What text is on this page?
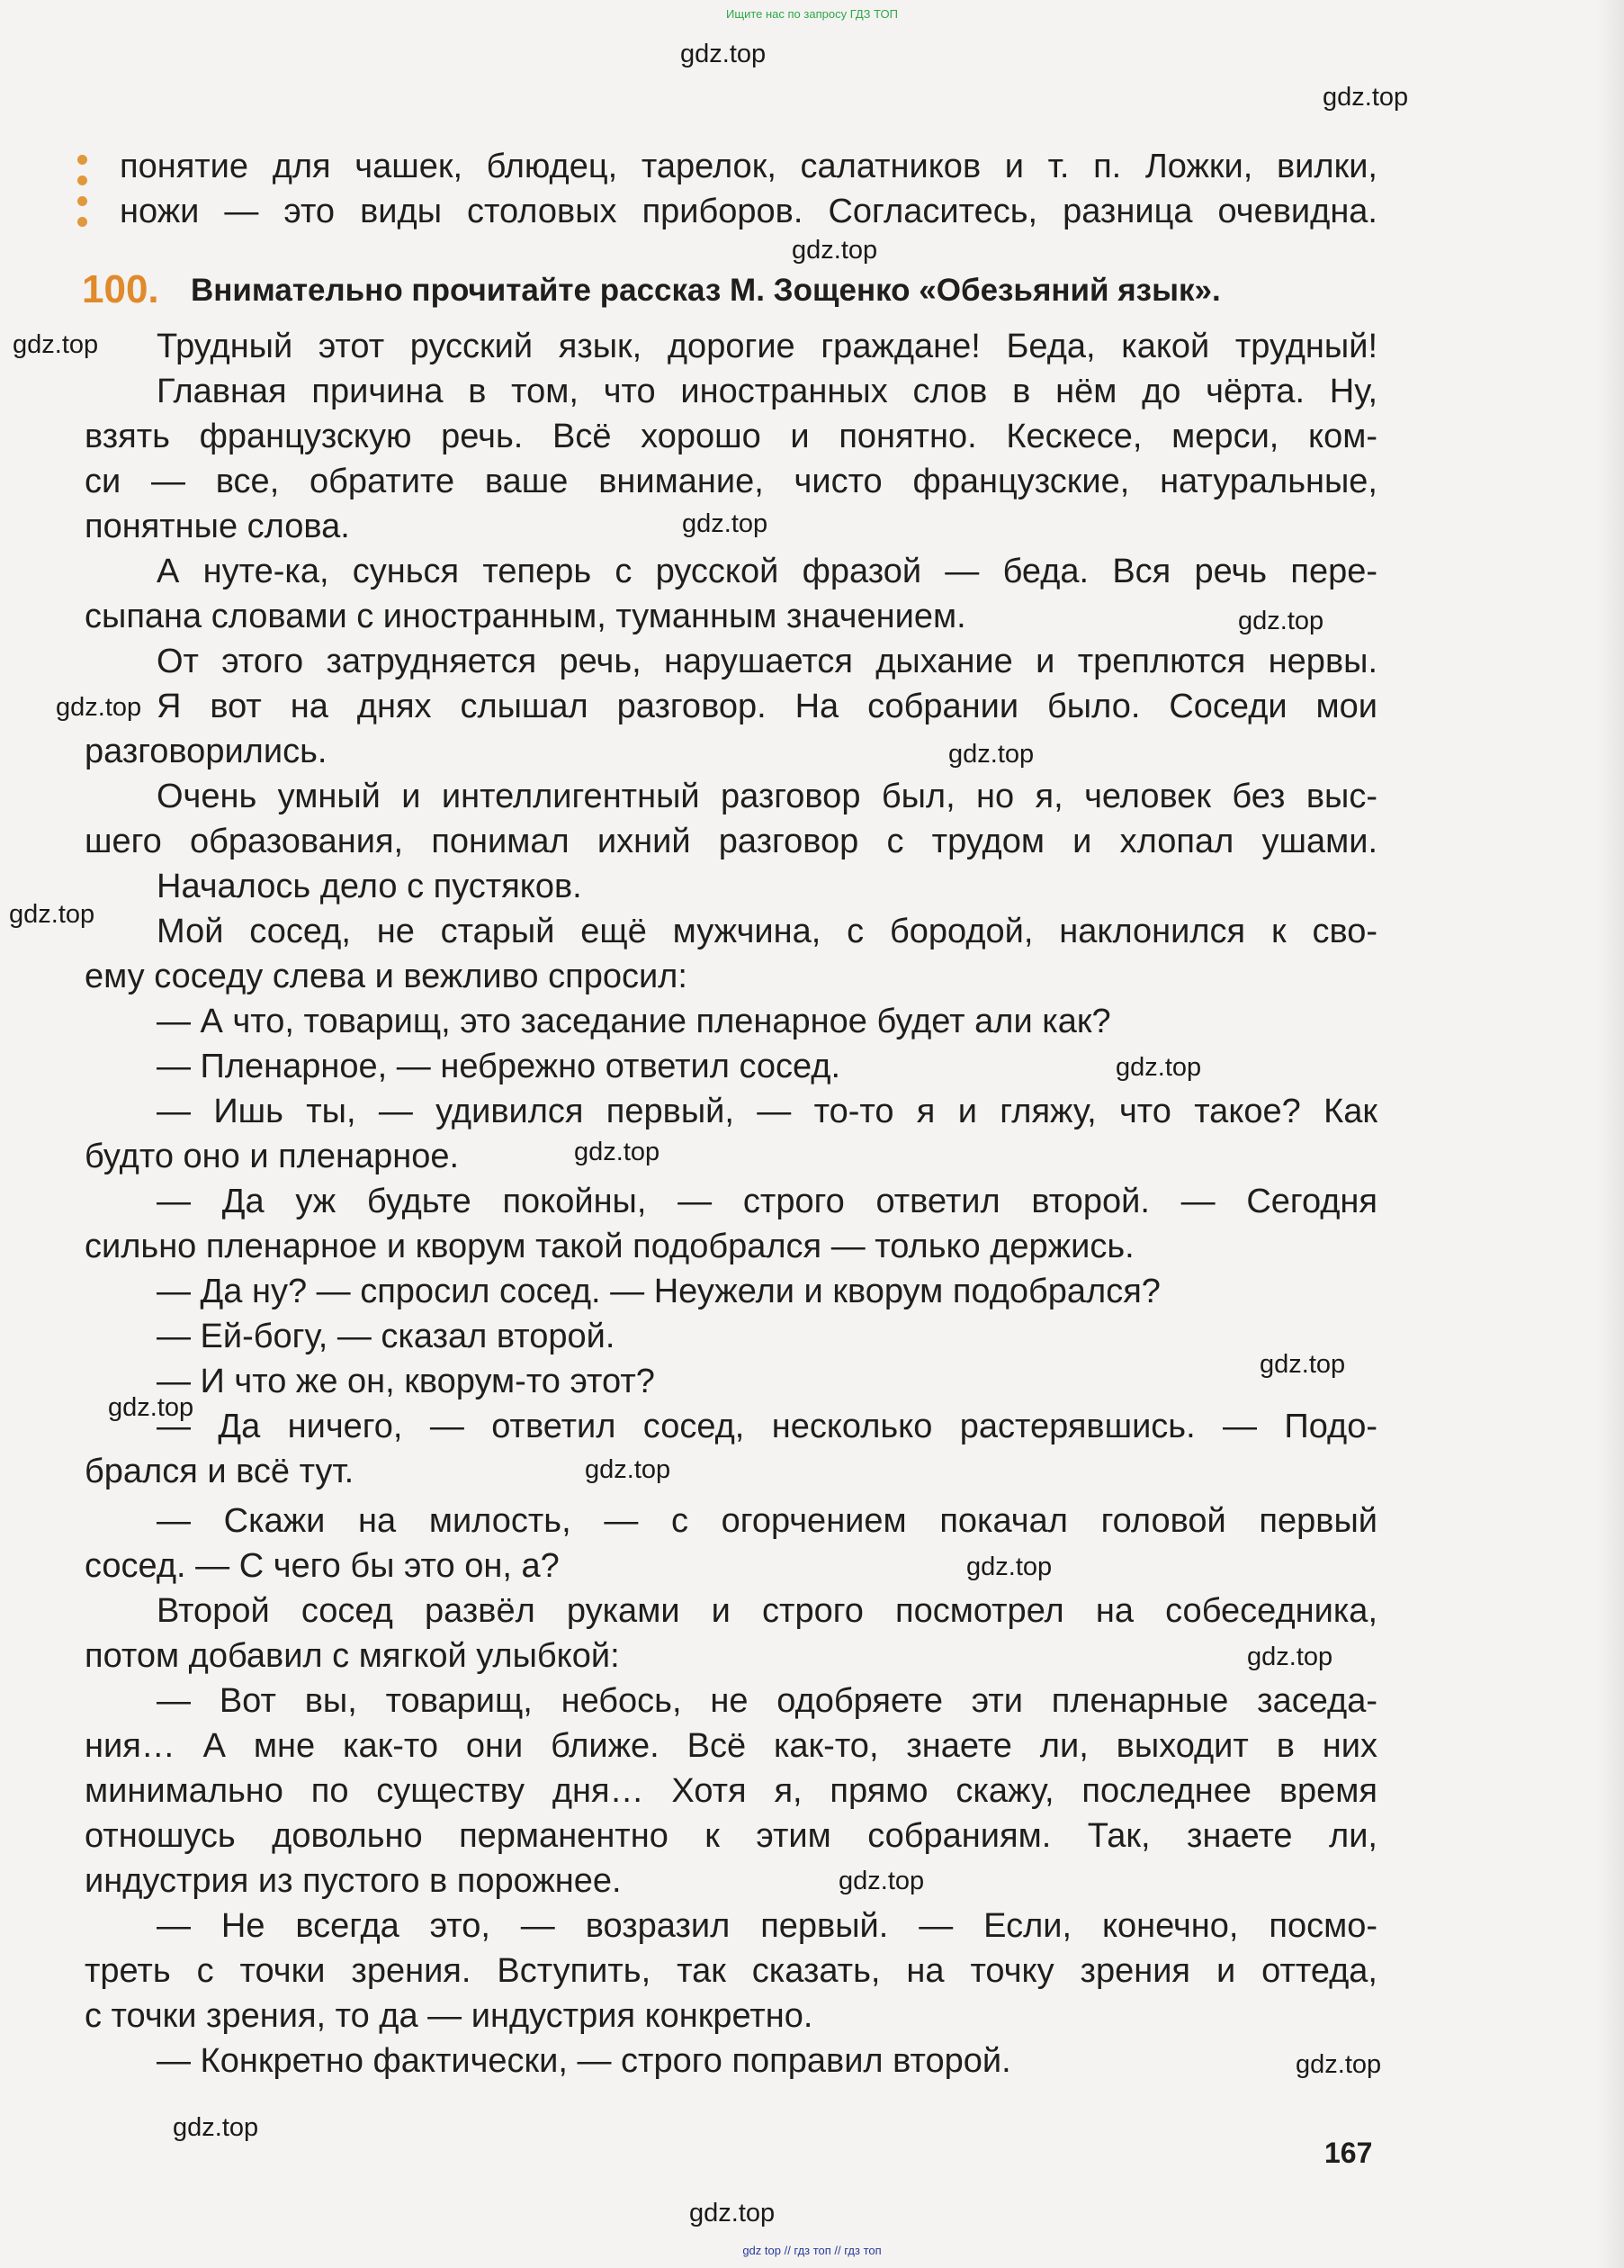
Ищите нас по запросу ГДЗ ТОП
gdz.top
gdz.top
gdz.top
gdz.top
gdz.top
gdz.top
gdz.top
gdz.top
gdz.top
gdz.top
gdz.top
gdz.top
gdz.top
gdz.top
gdz.top
gdz.top
gdz.top
gdz.top
gdz.top
gdz.top
понятие для чашек, блюдец, тарелок, салатников и т. п. Ложки, вилки,
ножи — это виды столовых приборов. Согласитесь, разница очевидна.
100. Внимательно прочитайте рассказ М. Зощенко «Обезьяний язык».
Трудный этот русский язык, дорогие граждане! Беда, какой трудный!
Главная причина в том, что иностранных слов в нём до чёрта. Ну,
взять французскую речь. Всё хорошо и понятно. Кескесе, мерси, ком-
си — все, обратите ваше внимание, чисто французские, натуральные,
понятные слова.
А нуте-ка, сунься теперь с русской фразой — беда. Вся речь пере-
сыпана словами с иностранным, туманным значением.
От этого затрудняется речь, нарушается дыхание и треплются нервы.
Я вот на днях слышал разговор. На собрании было. Соседи мои
разговорились.
Очень умный и интеллигентный разговор был, но я, человек без выс-
шего образования, понимал ихний разговор с трудом и хлопал ушами.
Началось дело с пустяков.
Мой сосед, не старый ещё мужчина, с бородой, наклонился к сво-
ему соседу слева и вежливо спросил:
— А что, товарищ, это заседание пленарное будет али как?
— Пленарное, — небрежно ответил сосед.
— Ишь ты, — удивился первый, — то-то я и гляжу, что такое? Как
будто оно и пленарное.
— Да уж будьте покойны, — строго ответил второй. — Сегодня
сильно пленарное и кворум такой подобрался — только держись.
— Да ну? — спросил сосед. — Неужели и кворум подобрался?
— Ей-богу, — сказал второй.
— И что же он, кворум-то этот?
— Да ничего, — ответил сосед, несколько растерявшись. — Подо-
брался и всё тут.
— Скажи на милость, — с огорчением покачал головой первый
сосед. — С чего бы это он, а?
Второй сосед развёл руками и строго посмотрел на собеседника,
потом добавил с мягкой улыбкой:
— Вот вы, товарищ, небось, не одобряете эти пленарные заседа-
ния… А мне как-то они ближе. Всё как-то, знаете ли, выходит в них
минимально по существу дня… Хотя я, прямо скажу, последнее время
отношусь довольно перманентно к этим собраниям. Так, знаете ли,
индустрия из пустого в порожнее.
— Не всегда это, — возразил первый. — Если, конечно, посмо-
треть с точки зрения. Вступить, так сказать, на точку зрения и оттеда,
с точки зрения, то да — индустрия конкретно.
— Конкретно фактически, — строго поправил второй.
167
gdz top // гдз топ // гдз топ
